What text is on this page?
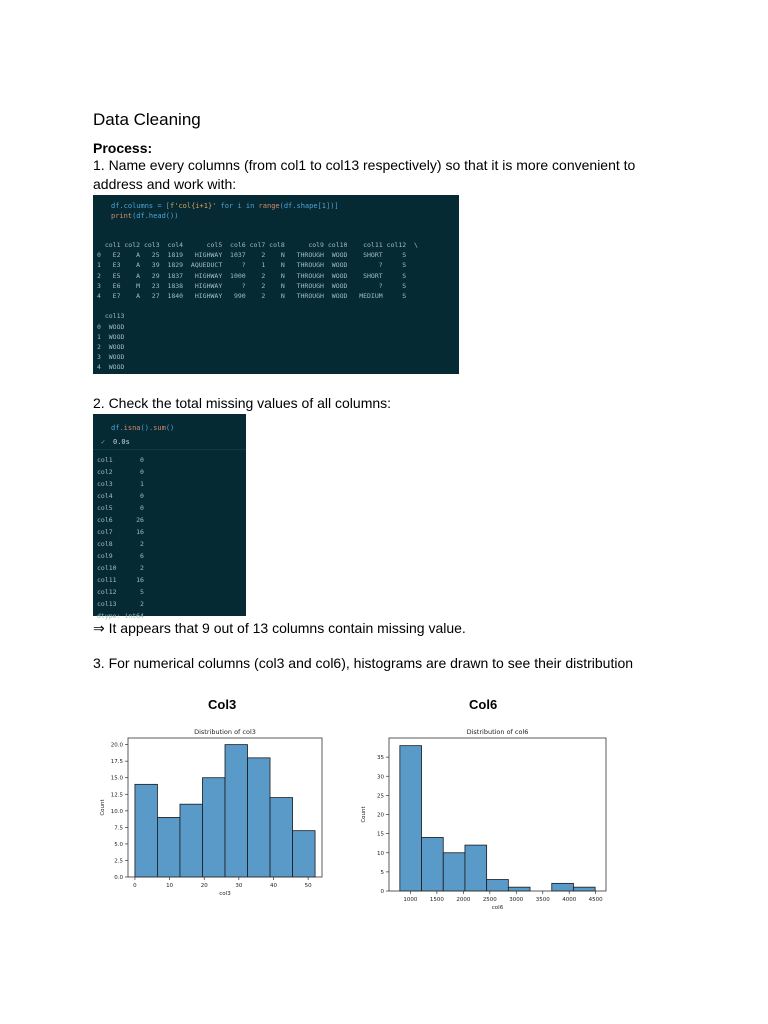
Data Cleaning
Process:
1. Name every columns (from col1 to col13 respectively) so that it is more convenient to
address and work with:
df.columns = [f'col{i+1}' for i in range(df.shape[1])]
print(df.head())
col1 col2 col3  col4      col5  col6 col7 col8      col9 col10    col11 col12  \
0   E2    A   25  1819   HIGHWAY  1037    2    N   THROUGH  WOOD    SHORT     S
1   E3    A   39  1829  AQUEDUCT     ?    1    N   THROUGH  WOOD        ?     S
2   E5    A   29  1837   HIGHWAY  1000    2    N   THROUGH  WOOD    SHORT     S
3   E6    M   23  1838   HIGHWAY     ?    2    N   THROUGH  WOOD        ?     S
4   E7    A   27  1840   HIGHWAY   990    2    N   THROUGH  WOOD   MEDIUM     S

col13
0  WOOD
1  WOOD
2  WOOD
3  WOOD
4  WOOD
2. Check the total missing values of all columns:
df.isna().sum()
✓ 0.0s
col1       0
col2       0
col3       1
col4       0
col5       0
col6      26
col7      16
col8       2
col9       6
col10      2
col11     16
col12      5
col13      2
dtype: int64
⇒ It appears that 9 out of 13 columns contain missing value.
3. For numerical columns (col3 and col6), histograms are drawn to see their distribution
Col3	Col6
Distribution of col3
0	10	20	30	40	50
0.0
2.5
5.0
7.5
10.0
12.5
15.0
17.5
20.0
col3
Count
Distribution of col6
1000 1500 2000 2500 3000 3500 4000 4500
0
5
10
15
20
25
30
35
col6
Count
